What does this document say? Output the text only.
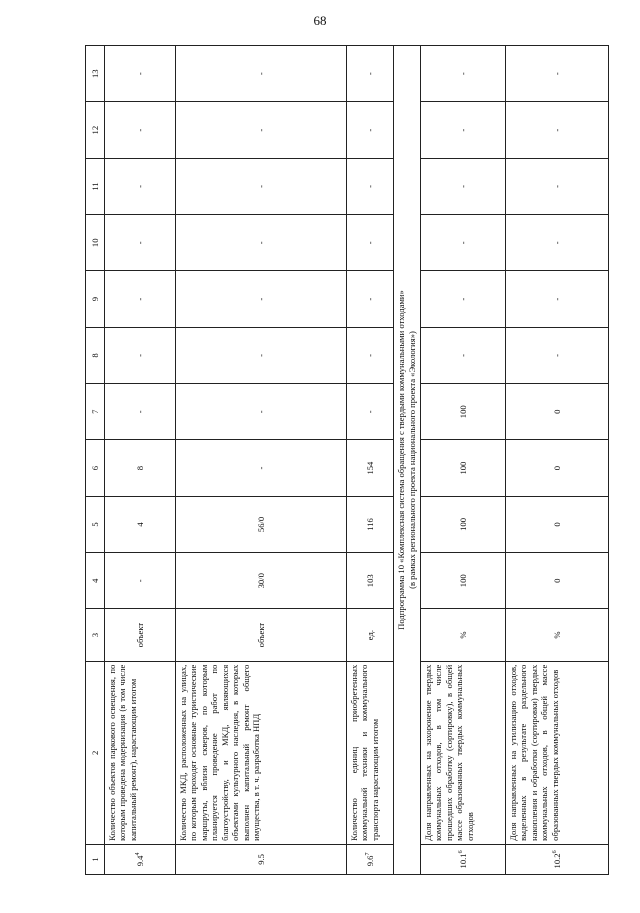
68
1	2	3	4	5	6	7	8	9	10	11	12	13
$9.4^4$	Количество объектов паркового освещения, по которым проведена модернизация (в том числе капитальный ремонт), нарастающим итогом	объект	-	4	8	-	-	-	-	-	-	-
9.5	Количество МКД, расположенных на улицах, по которым проходят основные туристические маршруты, вблизи скверов, по которым планируется проведение работ по благоустройству, и МКД, являющихся объектами культурного наследия, в которых выполнен капитальный ремонт общего имущества, в т. ч. разработка НПД	объект	30/0	56/0	-	-	-	-	-	-	-	-
$9.6^7$	Количество единиц приобретенных коммунальной техники и коммунального транспорта нарастающим итогом	ед.	103	116	154	-	-	-	-	-	-	-

Подпрограмма 10 «Комплексная система обращения с твердыми коммунальными отходами» (в рамках регионального проекта национального проекта «Экология»)												

10.1$^6$	Доля направленных на захоронение твердых коммунальных отходов, в том числе прошедших обработку (сортировку), в общей массе образованных твердых коммунальных отходов	%	100	100	100	100	-	-	-	-	-	-
10.2$^6$	Доля направленных на утилизацию отходов, выделенных в результате раздельного накопления и обработки (сортировки) твердых коммунальных отходов, в общей массе образованных твердых коммунальных отходов	%	0	0	0	0	-	-	-	-	-	-
